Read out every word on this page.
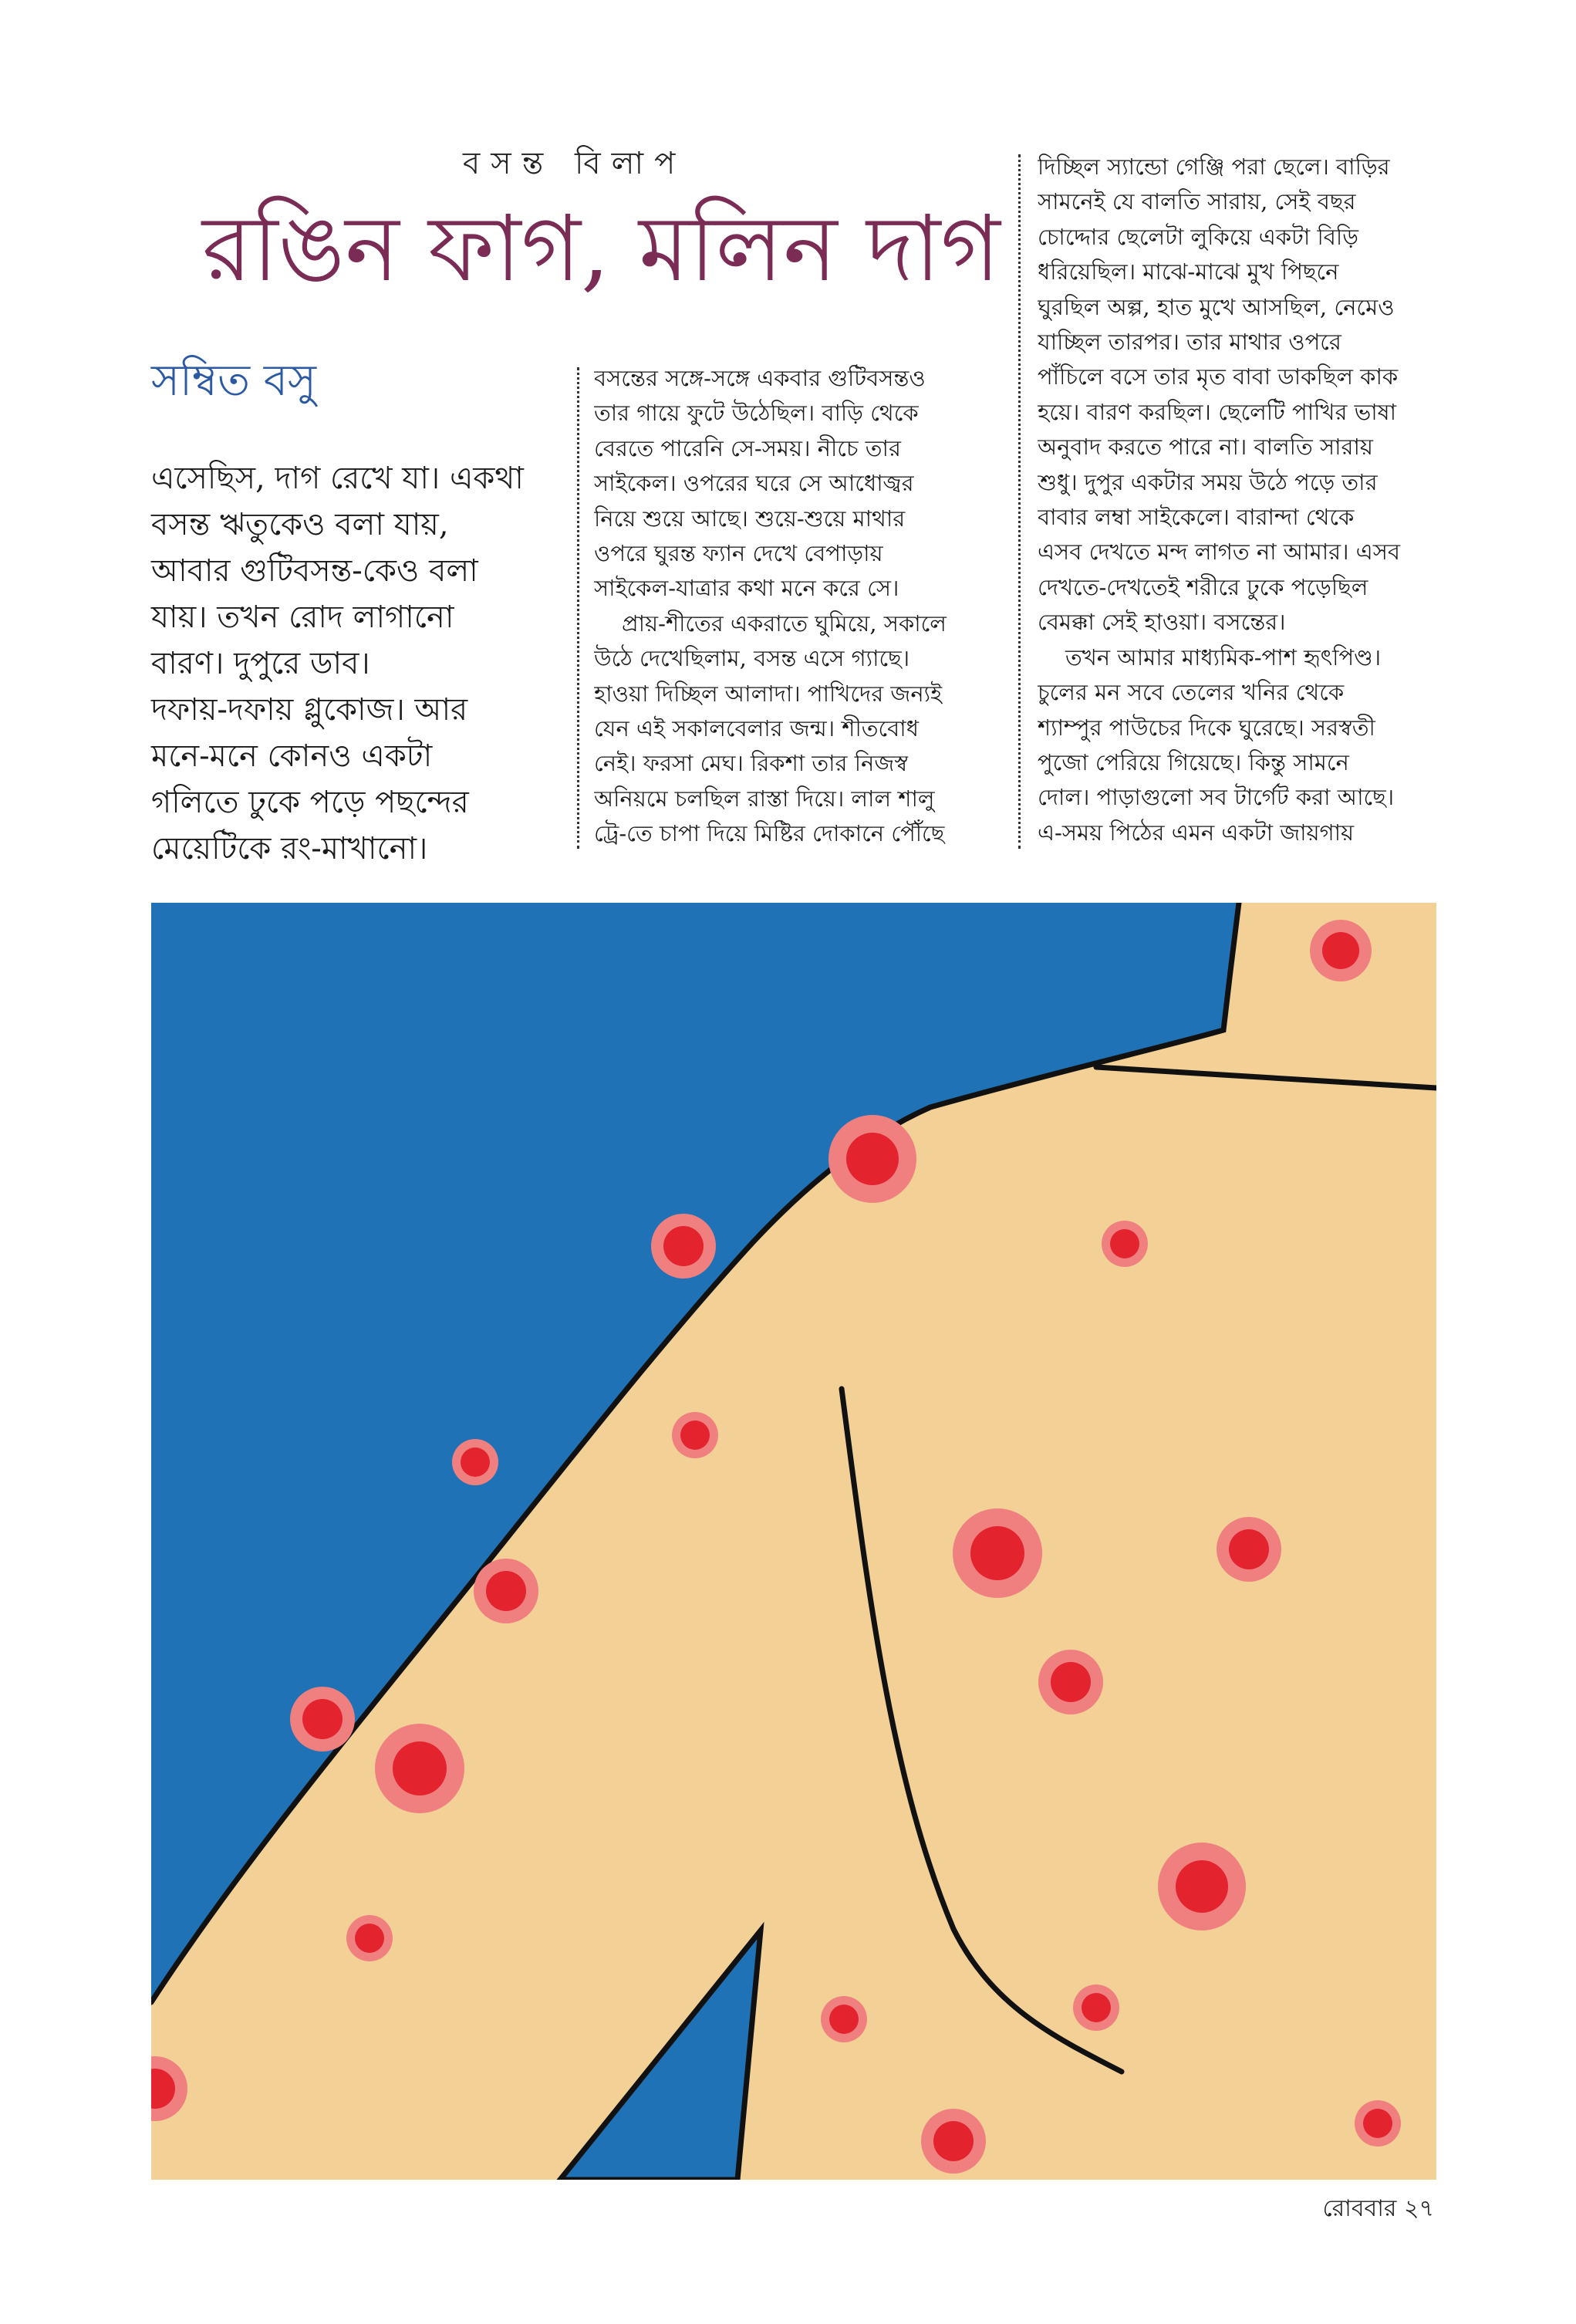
বসন্ত বিলাপ
রঙিন ফাগ, মলিন দাগ
সম্বিত বসু
এসেছিস, দাগ রেখে যা। একথা
বসন্ত ঋতুকেও বলা যায়,
আবার গুটিবসন্ত-কেও বলা
যায়। তখন রোদ লাগানো
বারণ। দুপুরে ডাব।
দফায়-দফায় গ্লুকোজ। আর
মনে-মনে কোনও একটা
গলিতে ঢুকে পড়ে পছন্দের
মেয়েটিকে রং-মাখানো।
বসন্তের সঙ্গে-সঙ্গে একবার গুটিবসন্তও
তার গায়ে ফুটে উঠেছিল। বাড়ি থেকে
বেরতে পারেনি সে-সময়। নীচে তার
সাইকেল। ওপরের ঘরে সে আধোজ্বর
নিয়ে শুয়ে আছে। শুয়ে-শুয়ে মাথার
ওপরে ঘুরন্ত ফ্যান দেখে বেপাড়ায়
সাইকেল-যাত্রার কথা মনে করে সে।
প্রায়-শীতের একরাতে ঘুমিয়ে, সকালে
উঠে দেখেছিলাম, বসন্ত এসে গ্যাছে।
হাওয়া দিচ্ছিল আলাদা। পাখিদের জন্যই
যেন এই সকালবেলার জন্ম। শীতবোধ
নেই। ফরসা মেঘ। রিকশা তার নিজস্ব
অনিয়মে চলছিল রাস্তা দিয়ে। লাল শালু
ট্রে-তে চাপা দিয়ে মিষ্টির দোকানে পৌঁছে
দিচ্ছিল স্যান্ডো গেঞ্জি পরা ছেলে। বাড়ির
সামনেই যে বালতি সারায়, সেই বছর
চোদ্দোর ছেলেটা লুকিয়ে একটা বিড়ি
ধরিয়েছিল। মাঝে-মাঝে মুখ পিছনে
ঘুরছিল অল্প, হাত মুখে আসছিল, নেমেও
যাচ্ছিল তারপর। তার মাথার ওপরে
পাঁচিলে বসে তার মৃত বাবা ডাকছিল কাক
হয়ে। বারণ করছিল। ছেলেটি পাখির ভাষা
অনুবাদ করতে পারে না। বালতি সারায়
শুধু। দুপুর একটার সময় উঠে পড়ে তার
বাবার লম্বা সাইকেলে। বারান্দা থেকে
এসব দেখতে মন্দ লাগত না আমার। এসব
দেখতে-দেখতেই শরীরে ঢুকে পড়েছিল
বেমক্কা সেই হাওয়া। বসন্তের।
তখন আমার মাধ্যমিক-পাশ হৃৎপিণ্ড।
চুলের মন সবে তেলের খনির থেকে
শ্যাম্পুর পাউচের দিকে ঘুরেছে। সরস্বতী
পুজো পেরিয়ে গিয়েছে। কিন্তু সামনে
দোল। পাড়াগুলো সব টার্গেট করা আছে।
এ-সময় পিঠের এমন একটা জায়গায়
রোববার ২৭
